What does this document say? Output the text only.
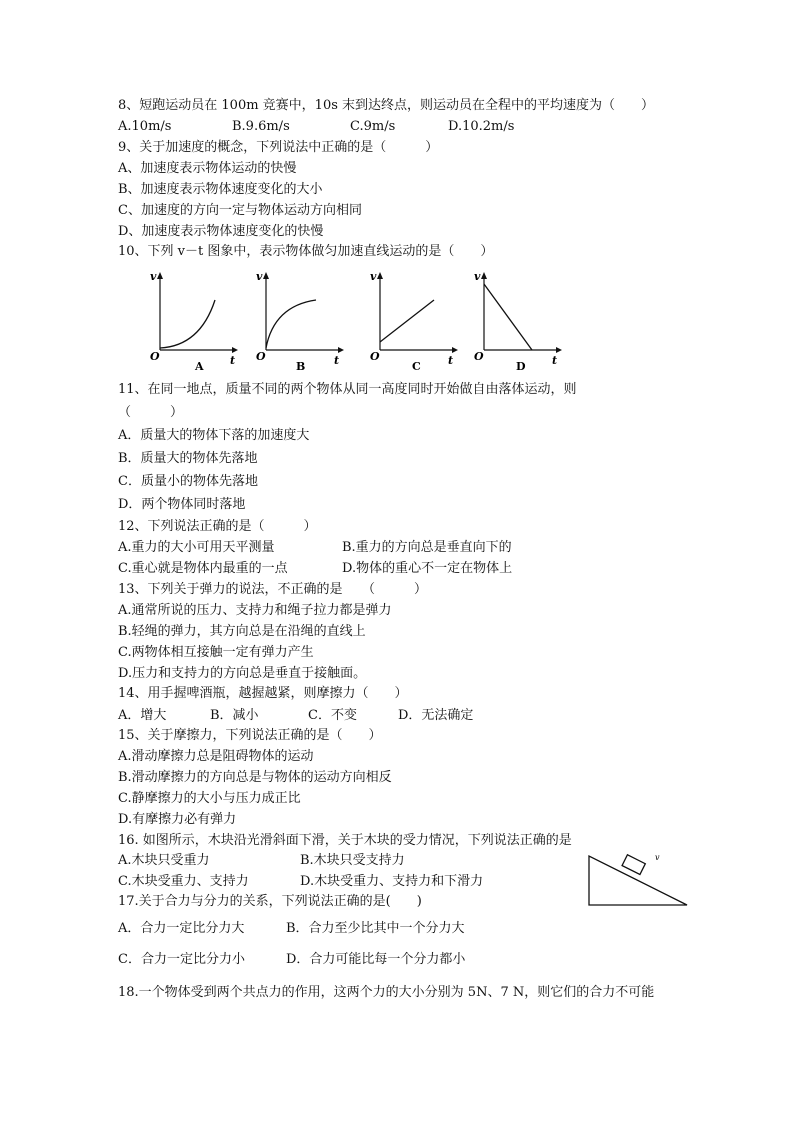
8、短跑运动员在 100m 竞赛中，10s 末到达终点，则运动员在全程中的平均速度为（　　）
A.10m/s	B.9.6m/s	C.9m/s	D.10.2m/s
9、关于加速度的概念，下列说法中正确的是（　　　）
A、加速度表示物体运动的快慢
B、加速度表示物体速度变化的大小
C、加速度的方向一定与物体运动方向相同
D、加速度表示物体速度变化的快慢
10、下列 v－t 图象中，表示物体做匀加速直线运动的是（　　）
v
t
O
A
v
t
O
B
v
t
O
C
v
t
O
D
11、在同一地点，质量不同的两个物体从同一高度同时开始做自由落体运动，则
（　　　）
A．质量大的物体下落的加速度大
B．质量大的物体先落地
C．质量小的物体先落地
D．两个物体同时落地
12、下列说法正确的是（　　　）
A.重力的大小可用天平测量	B.重力的方向总是垂直向下的
C.重心就是物体内最重的一点	D.物体的重心不一定在物体上
13、下列关于弹力的说法，不正确的是　　（　　　）
A.通常所说的压力、支持力和绳子拉力都是弹力
B.轻绳的弹力，其方向总是在沿绳的直线上
C.两物体相互接触一定有弹力产生
D.压力和支持力的方向总是垂直于接触面。
14、用手握啤酒瓶，越握越紧，则摩擦力（　　）
A．增大	B．减小	C．不变	D．无法确定
15、关于摩擦力，下列说法正确的是（　　）
A.滑动摩擦力总是阻碍物体的运动
B.滑动摩擦力的方向总是与物体的运动方向相反
C.静摩擦力的大小与压力成正比
D.有摩擦力必有弹力
16. 如图所示，木块沿光滑斜面下滑，关于木块的受力情况，下列说法正确的是
A.木块只受重力	B.木块只受支持力
C.木块受重力、支持力	D.木块受重力、支持力和下滑力
v
17.关于合力与分力的关系，下列说法正确的是(　　)
A．合力一定比分力大	B．合力至少比其中一个分力大
C．合力一定比分力小	D．合力可能比每一个分力都小
18.一个物体受到两个共点力的作用，这两个力的大小分别为 5N、7 N，则它们的合力不可能
